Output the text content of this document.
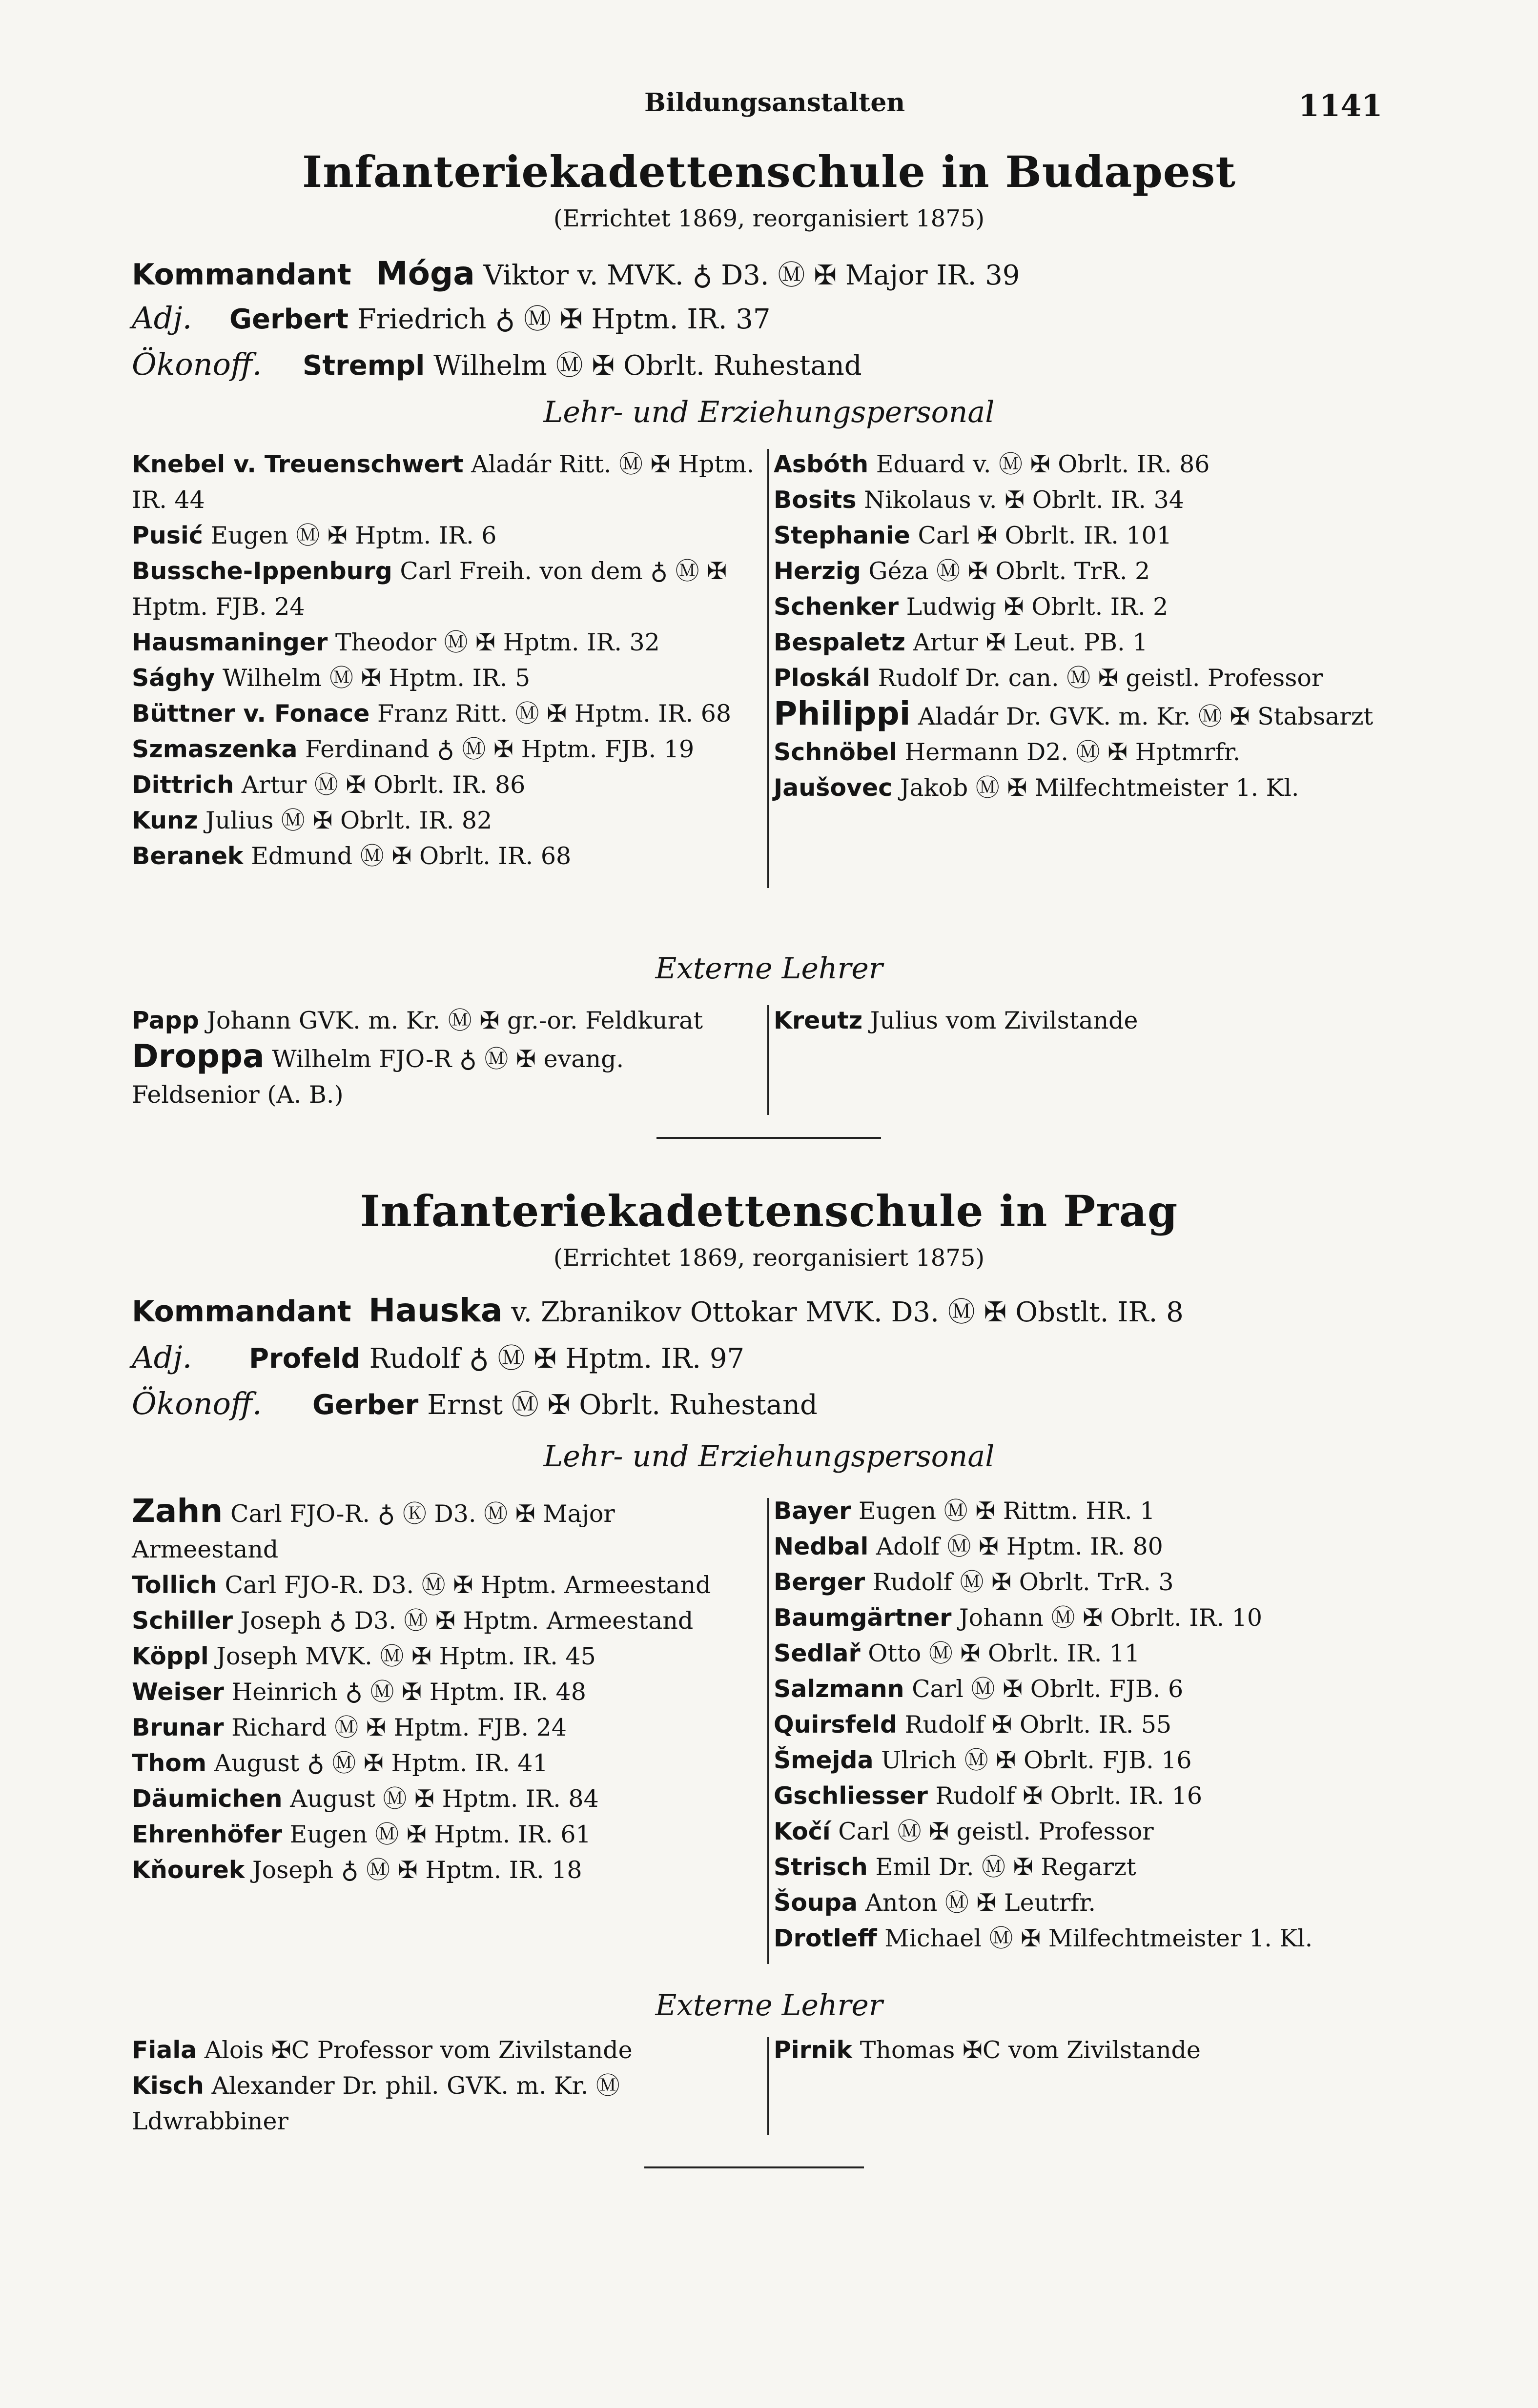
Bildungsanstalten	1141
Infanteriekadettenschule in Budapest
(Errichtet 1869, reorganisiert 1875)
Kommandant Móga Viktor v. MVK. ♁ D3. Ⓜ ✠ Major IR. 39
Adj. Gerbert Friedrich ♁ Ⓜ ✠ Hptm. IR. 37
Ökonoff. Strempl Wilhelm Ⓜ ✠ Obrlt. Ruhestand
Lehr- und Erziehungspersonal
Knebel v. Treuenschwert Aladár Ritt. Ⓜ ✠ Hptm. IR. 44
Pusić Eugen Ⓜ ✠ Hptm. IR. 6
Bussche-Ippenburg Carl Freih. von dem ♁ Ⓜ ✠ Hptm. FJB. 24
Hausmaninger Theodor Ⓜ ✠ Hptm. IR. 32
Sághy Wilhelm Ⓜ ✠ Hptm. IR. 5
Büttner v. Fonace Franz Ritt. Ⓜ ✠ Hptm. IR. 68
Szmaszenka Ferdinand ♁ Ⓜ ✠ Hptm. FJB. 19
Dittrich Artur Ⓜ ✠ Obrlt. IR. 86
Kunz Julius Ⓜ ✠ Obrlt. IR. 82
Beranek Edmund Ⓜ ✠ Obrlt. IR. 68
Asbóth Eduard v. Ⓜ ✠ Obrlt. IR. 86
Bosits Nikolaus v. ✠ Obrlt. IR. 34
Stephanie Carl ✠ Obrlt. IR. 101
Herzig Géza Ⓜ ✠ Obrlt. TrR. 2
Schenker Ludwig ✠ Obrlt. IR. 2
Bespaletz Artur ✠ Leut. PB. 1
Ploskál Rudolf Dr. can. Ⓜ ✠ geistl. Professor
Philippi Aladár Dr. GVK. m. Kr. Ⓜ ✠ Stabsarzt
Schnöbel Hermann D2. Ⓜ ✠ Hptmrfr.
Jaušovec Jakob Ⓜ ✠ Milfechtmeister 1. Kl.
Externe Lehrer
Papp Johann GVK. m. Kr. Ⓜ ✠ gr.-or. Feldkurat
Droppa Wilhelm FJO-R ♁ Ⓜ ✠ evang. Feldsenior (A. B.)
Kreutz Julius vom Zivilstande
Infanteriekadettenschule in Prag
(Errichtet 1869, reorganisiert 1875)
Kommandant Hauska v. Zbranikov Ottokar MVK. D3. Ⓜ ✠ Obstlt. IR. 8
Adj. Profeld Rudolf ♁ Ⓜ ✠ Hptm. IR. 97
Ökonoff. Gerber Ernst Ⓜ ✠ Obrlt. Ruhestand
Lehr- und Erziehungspersonal
Zahn Carl FJO-R. ♁ Ⓚ D3. Ⓜ ✠ Major Armeestand
Tollich Carl FJO-R. D3. Ⓜ ✠ Hptm. Armeestand
Schiller Joseph ♁ D3. Ⓜ ✠ Hptm. Armeestand
Köppl Joseph MVK. Ⓜ ✠ Hptm. IR. 45
Weiser Heinrich ♁ Ⓜ ✠ Hptm. IR. 48
Brunar Richard Ⓜ ✠ Hptm. FJB. 24
Thom August ♁ Ⓜ ✠ Hptm. IR. 41
Däumichen August Ⓜ ✠ Hptm. IR. 84
Ehrenhöfer Eugen Ⓜ ✠ Hptm. IR. 61
Kňourek Joseph ♁ Ⓜ ✠ Hptm. IR. 18
Bayer Eugen Ⓜ ✠ Rittm. HR. 1
Nedbal Adolf Ⓜ ✠ Hptm. IR. 80
Berger Rudolf Ⓜ ✠ Obrlt. TrR. 3
Baumgärtner Johann Ⓜ ✠ Obrlt. IR. 10
Sedlař Otto Ⓜ ✠ Obrlt. IR. 11
Salzmann Carl Ⓜ ✠ Obrlt. FJB. 6
Quirsfeld Rudolf ✠ Obrlt. IR. 55
Šmejda Ulrich Ⓜ ✠ Obrlt. FJB. 16
Gschliesser Rudolf ✠ Obrlt. IR. 16
Kočí Carl Ⓜ ✠ geistl. Professor
Strisch Emil Dr. Ⓜ ✠ Regarzt
Šoupa Anton Ⓜ ✠ Leutrfr.
Drotleff Michael Ⓜ ✠ Milfechtmeister 1. Kl.
Externe Lehrer
Fiala Alois ✠C Professor vom Zivilstande
Kisch Alexander Dr. phil. GVK. m. Kr. Ⓜ Ldwrabbiner
Pirnik Thomas ✠C vom Zivilstande
